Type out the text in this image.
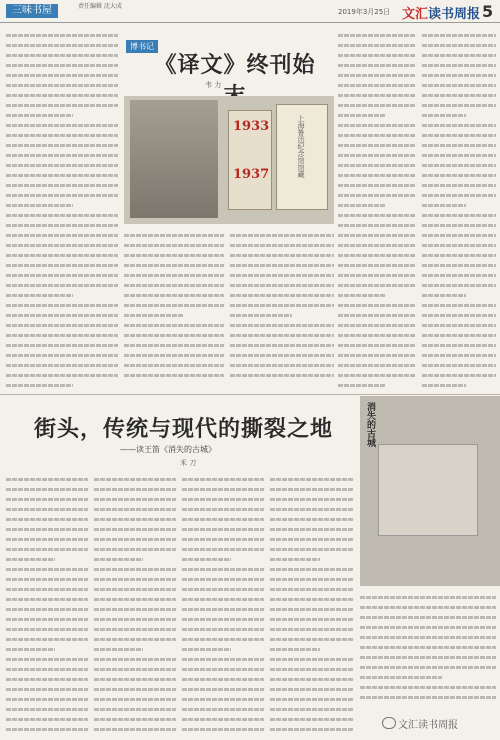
三味书屋	责任编辑 沈大成
2019年3月25日 文汇读书周报 5
博书记
《译文》终刊始
韦 力
1933
1937	上海鲁迅纪念馆馆藏
街头，传统与现代的撕裂之地
——读王笛《消失的古城》
禾 刀
消失的古城
文汇读书周报
